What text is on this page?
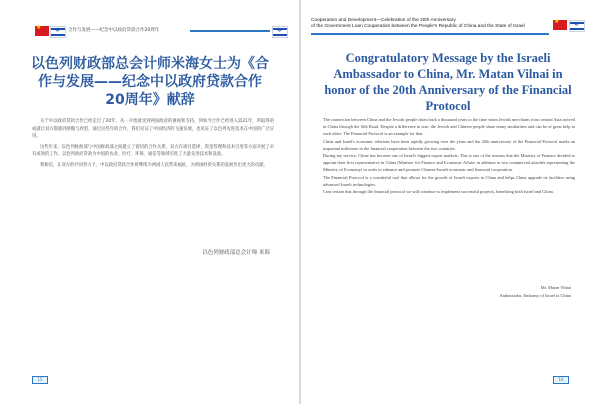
★ ✡ 合作与发展——纪念中以政府贷款合作20周年	✡
以色列财政部总会计师米海女士为《合作与发展——纪念中以政府贷款合作20周年》献辞

关于中以政府贷款合作已经走过了20年，从一开始就受到两国政府的重视和支持，到如今合作已经进入第21年，所取得的成就让双方都感到骄傲与欣慰。通过这些年的合作，我们见证了中国经济的飞速发展，也见证了以色列先进技术在中国的广泛应用。

这些年来，以色列财政部与中国财政部之间建立了密切的合作关系，双方在项目选择、资金管理和技术引进等方面开展了卓有成效的工作。以色列政府贷款为中国的农业、医疗、环保、通信等领域引进了大量先进技术和设备。

我相信，在双方的共同努力下，中以政府贷款合作将继续为两国人民带来福祉，为两国经贸关系的发展作出更大的贡献。

以色列财政部总会计师 米海
15
Cooperation and Development—Celebration of the 20th Anniversary
of the Government Loan Cooperation between the People's Republic of China and the State of Israel
★ ✡
Congratulatory Message by the Israeli Ambassador to China, Mr. Matan Vilnai in honor of the 20th Anniversary of the Financial Protocol

The connection between China and the Jewish people dates back a thousand years to the time when Jewish merchants from central Asia arrived in China through the Silk Road. Despite a difference in size, the Jewish and Chinese people share many similarities and can be of great help to each other. The Financial Protocol is an example for that.

China and Israel's economic relations have been rapidly growing over the years and the 20th anniversary of the Financial Protocol marks an important milestone in the financial cooperation between the two countries.

During my service, China has become one of Israel's biggest export markets. This is one of the reasons that the Ministry of Finance decided to appoint their first representative in China (Minister for Finance and Economic Affairs in addition to two commercial attachés representing the Ministry of Economy) in order to enhance and promote Chinese-Israeli economic and financial cooperation.

The Financial Protocol is a wonderful tool that allows for the growth of Israeli exports to China and helps China upgrade its facilities using advanced Israeli technologies.

I am certain that through the financial protocol we will continue to implement successful projects, benefiting both Israel and China.

Mr. Matan Vilnai
Ambassador, Embassy of Israel to China
16
